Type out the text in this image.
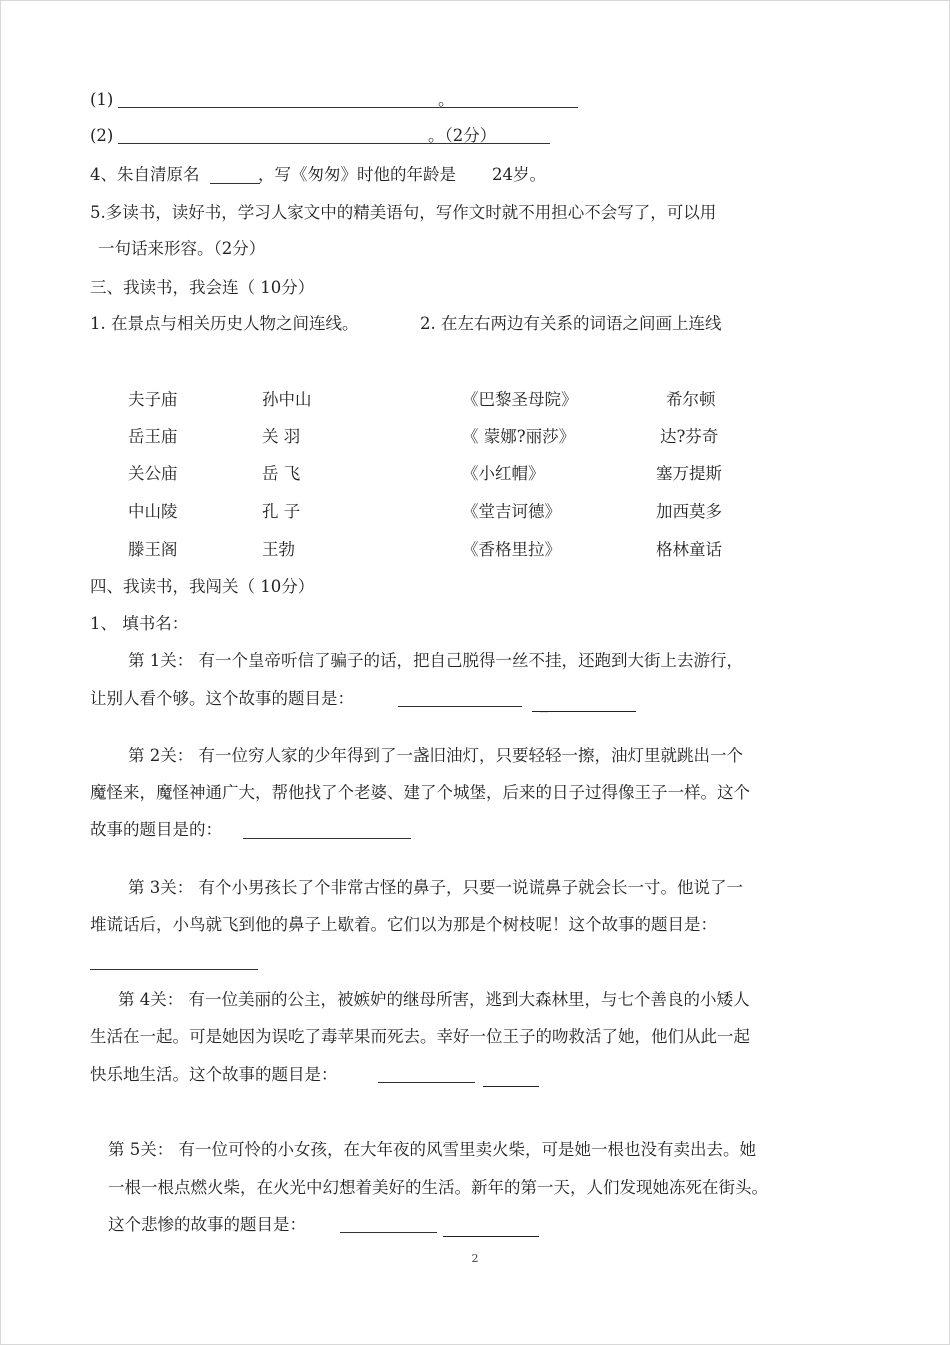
(1)	。
(2)	。（2分）
4、朱自清原名	，写《匆匆》时他的年龄是 24岁。
5.多读书，读好书，学习人家文中的精美语句，写作文时就不用担心不会写了，可以用
一句话来形容。（2分）
三、我读书，我会连（ 10分）
1. 在景点与相关历史人物之间连线。	2. 在左右两边有关系的词语之间画上连线
夫子庙	孙中山	《巴黎圣母院》	希尔顿
岳王庙	关 羽	《 蒙娜?丽莎》	达?芬奇
关公庙	岳 飞	《小红帽》	塞万提斯
中山陵	孔 子	《堂吉诃德》	加西莫多
滕王阁	王勃	《香格里拉》	格林童话
四、我读书，我闯关（ 10分）
1、 填书名：
第 1关： 有一个皇帝听信了骗子的话，把自己脱得一丝不挂，还跑到大街上去游行，
让别人看个够。这个故事的题目是：	_
第 2关： 有一位穷人家的少年得到了一盏旧油灯，只要轻轻一擦，油灯里就跳出一个
魔怪来，魔怪神通广大，帮他找了个老婆、建了个城堡，后来的日子过得像王子一样。这个
故事的题目是的：
第 3关： 有个小男孩长了个非常古怪的鼻子，只要一说谎鼻子就会长一寸。他说了一
堆谎话后，小鸟就飞到他的鼻子上歇着。它们以为那是个树枝呢！这个故事的题目是：
第 4关： 有一位美丽的公主，被嫉妒的继母所害，逃到大森林里，与七个善良的小矮人
生活在一起。可是她因为误吃了毒苹果而死去。幸好一位王子的吻救活了她，他们从此一起
快乐地生活。这个故事的题目是：
第 5关： 有一位可怜的小女孩，在大年夜的风雪里卖火柴，可是她一根也没有卖出去。她
一根一根点燃火柴，在火光中幻想着美好的生活。新年的第一天，人们发现她冻死在街头。
这个悲惨的故事的题目是：
2
